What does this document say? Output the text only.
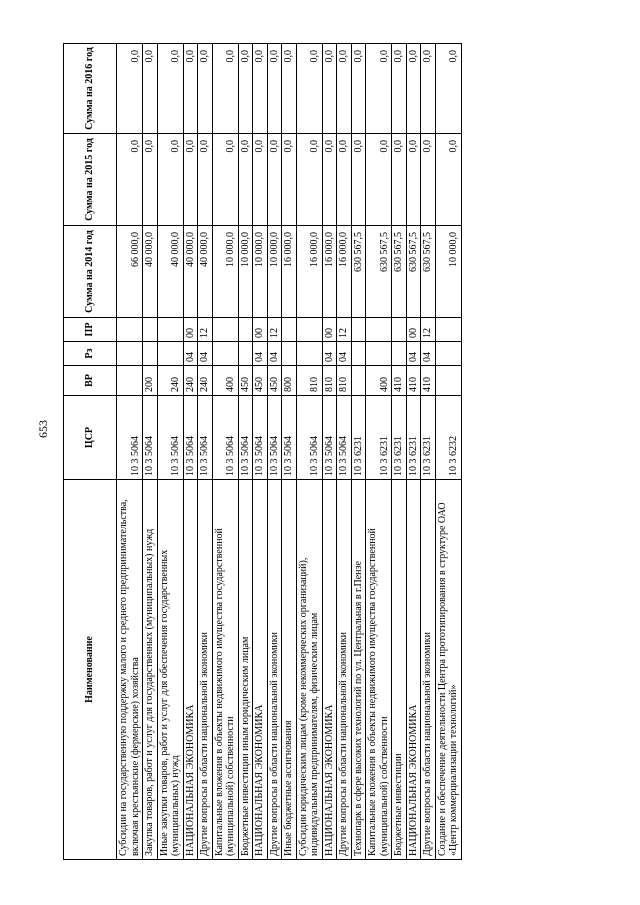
653
Наименование	ЦСР	ВР	Рз	ПР	Сумма на 2014 год	Сумма на 2015 год	Сумма на 2016 год
Субсидии на государственную поддержку малого и среднего предпринимательства, включая крестьянские (фермерские) хозяйства	10 3 5064				66 000,0	0,0	0,0
Закупка товаров, работ и услуг для государственных (муниципальных) нужд	10 3 5064	200			40 000,0	0,0	0,0
Иные закупки товаров, работ и услуг для обеспечения государственных (муниципальных) нужд	10 3 5064	240			40 000,0	0,0	0,0
НАЦИОНАЛЬНАЯ ЭКОНОМИКА	10 3 5064	240	04	00	40 000,0	0,0	0,0
Другие вопросы в области национальной экономики	10 3 5064	240	04	12	40 000,0	0,0	0,0
Капитальные вложения в объекты недвижимого имущества государственной (муниципальной) собственности	10 3 5064	400			10 000,0	0,0	0,0
Бюджетные инвестиции иным юридическим лицам	10 3 5064	450			10 000,0	0,0	0,0
НАЦИОНАЛЬНАЯ ЭКОНОМИКА	10 3 5064	450	04	00	10 000,0	0,0	0,0
Другие вопросы в области национальной экономики	10 3 5064	450	04	12	10 000,0	0,0	0,0
Иные бюджетные ассигнования	10 3 5064	800			16 000,0	0,0	0,0
Субсидии юридическим лицам (кроме некоммерческих организаций), индивидуальным предпринимателям, физическим лицам	10 3 5064	810			16 000,0	0,0	0,0
НАЦИОНАЛЬНАЯ ЭКОНОМИКА	10 3 5064	810	04	00	16 000,0	0,0	0,0
Другие вопросы в области национальной экономики	10 3 5064	810	04	12	16 000,0	0,0	0,0
Технопарк в сфере высоких технологий по ул. Центральная в г.Пензе	10 3 6231				630 567,5	0,0	0,0
Капитальные вложения в объекты недвижимого имущества государственной (муниципальной) собственности	10 3 6231	400			630 567,5	0,0	0,0
Бюджетные инвестиции	10 3 6231	410			630 567,5	0,0	0,0
НАЦИОНАЛЬНАЯ ЭКОНОМИКА	10 3 6231	410	04	00	630 567,5	0,0	0,0
Другие вопросы в области национальной экономики	10 3 6231	410	04	12	630 567,5	0,0	0,0
Создание и обеспечение деятельности Центра прототипирования в структуре ОАО «Центр коммерциализации технологий»	10 3 6232				10 000,0	0,0	0,0
